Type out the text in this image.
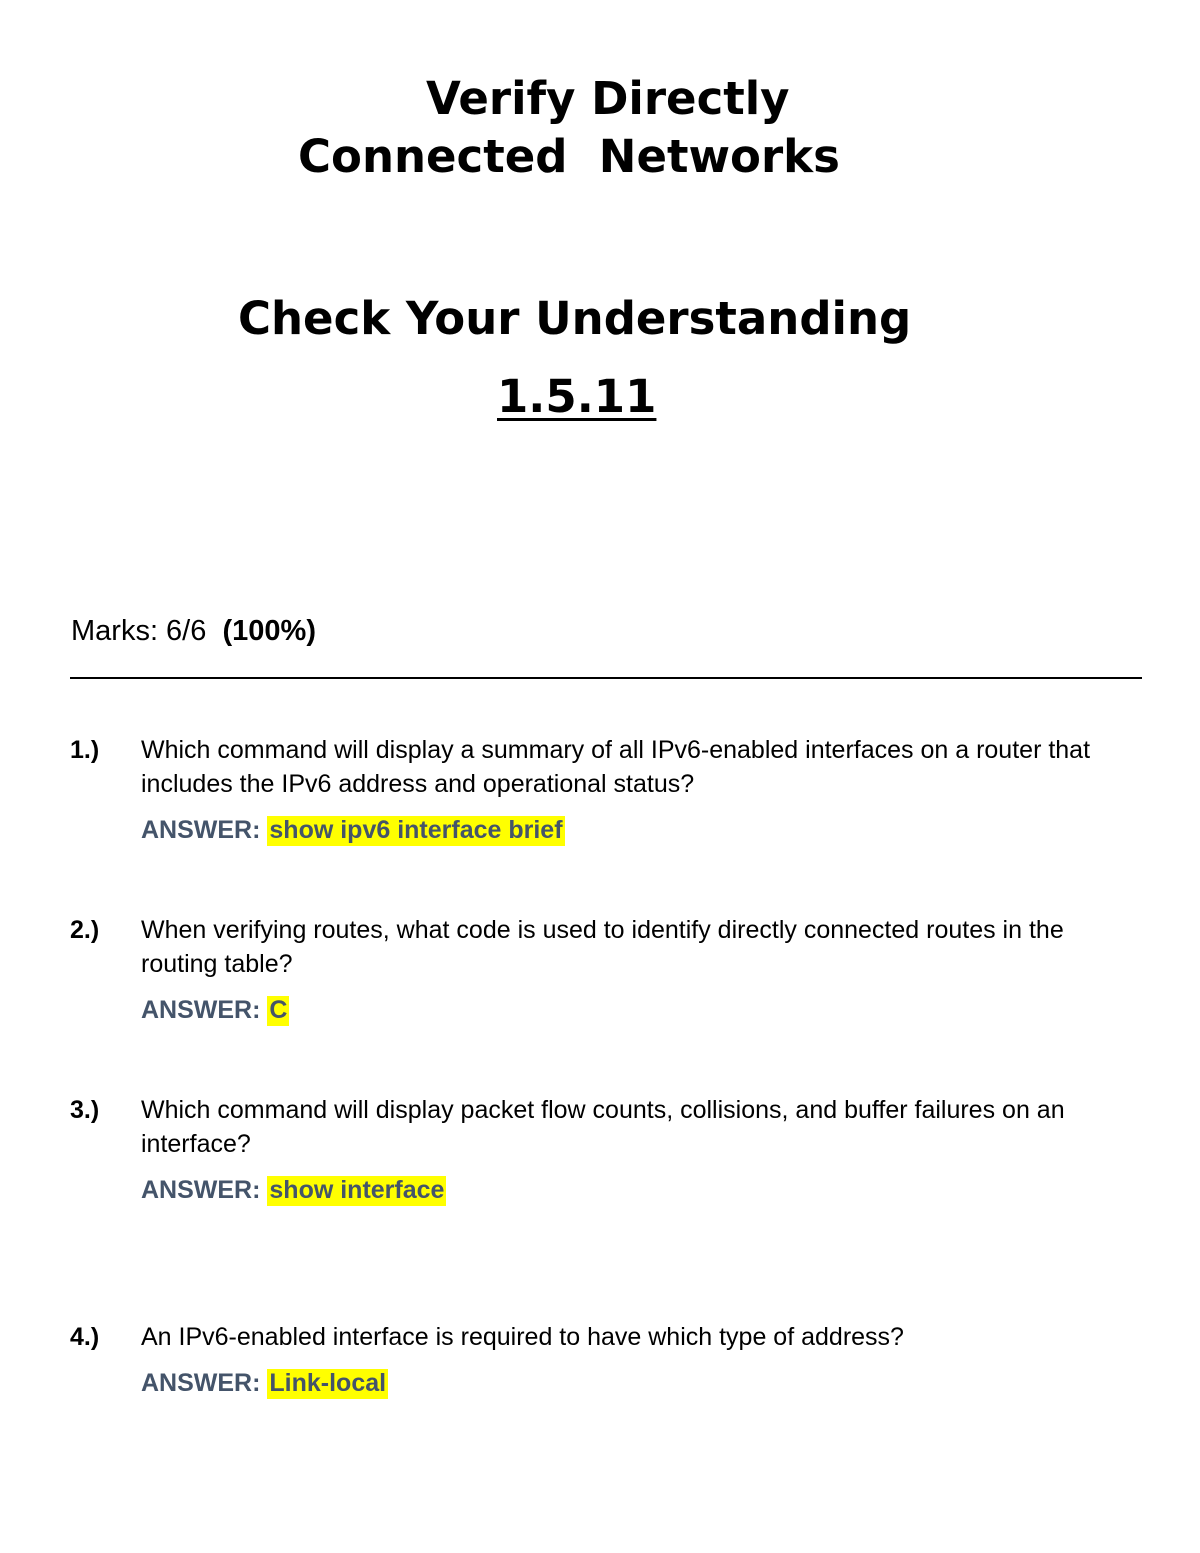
Verify Directly
Connected  Networks
Check Your Understanding
1.5.11
Marks: 6/6  (100%)
1.) Which command will display a summary of all IPv6-enabled interfaces on a router that includes the IPv6 address and operational status?
ANSWER: show ipv6 interface brief
2.) When verifying routes, what code is used to identify directly connected routes in the routing table?
ANSWER: C
3.) Which command will display packet flow counts, collisions, and buffer failures on an interface?
ANSWER: show interface
4.) An IPv6-enabled interface is required to have which type of address?
ANSWER: Link-local
